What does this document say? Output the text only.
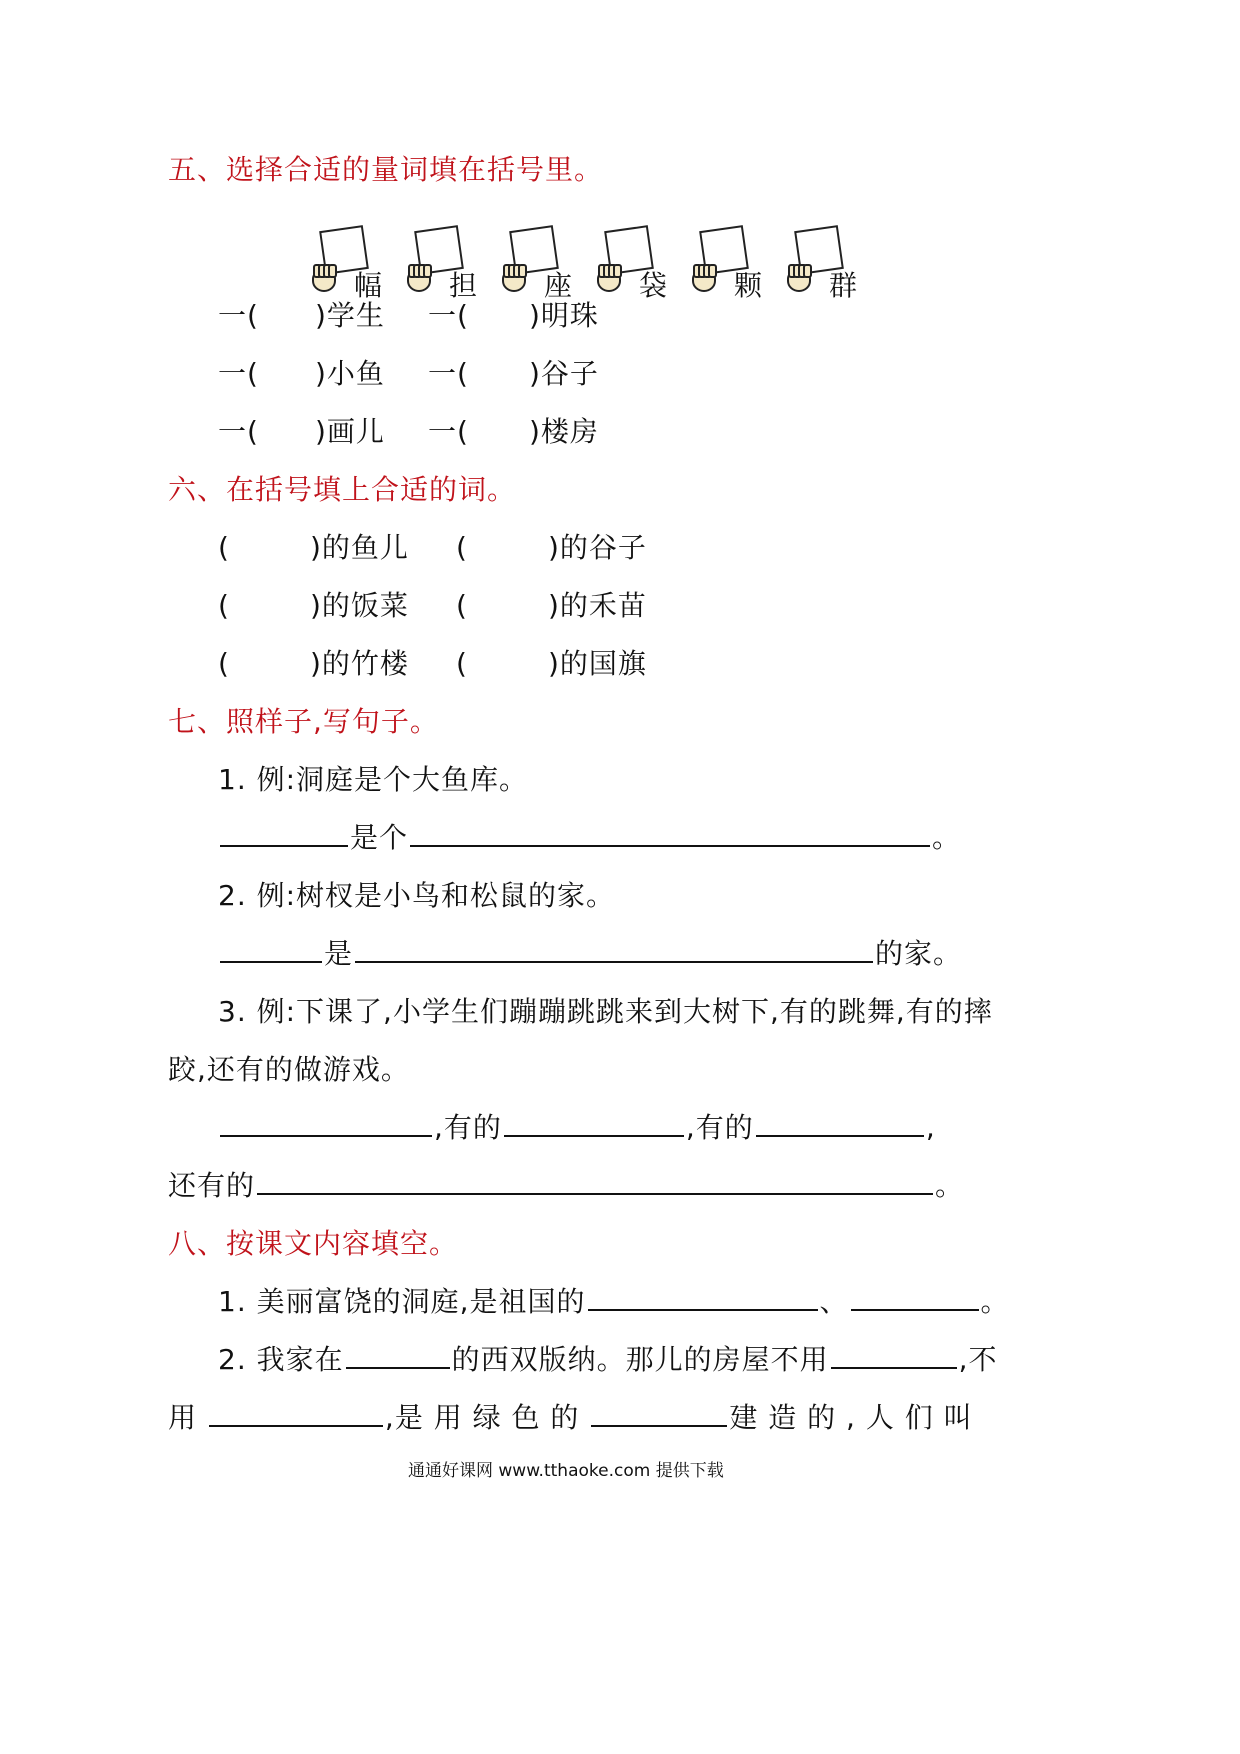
五、选择合适的量词填在括号里。
幅 担 座 袋 颗 群
一( )学生 一( )明珠
一( )小鱼 一( )谷子
一( )画儿 一( )楼房
六、在括号填上合适的词。
(	)的鱼儿 (	)的谷子
(	)的饭菜 (	)的禾苗
(	)的竹楼 (	)的国旗
七、照样子,写句子。
1. 例:洞庭是个大鱼库。
是个	。
2. 例:树杈是小鸟和松鼠的家。
是	的家。
3. 例:下课了,小学生们蹦蹦跳跳来到大树下,有的跳舞,有的摔
跤,还有的做游戏。
,有的	,有的	,
还有的	。
八、按课文内容填空。
1. 美丽富饶的洞庭,是祖国的	、	。
2. 我家在	的西双版纳。那儿的房屋不用	,不
用	,是 用 绿 色 的	建 造 的 , 人 们 叫
通通好课网 www.tthaoke.com 提供下载
